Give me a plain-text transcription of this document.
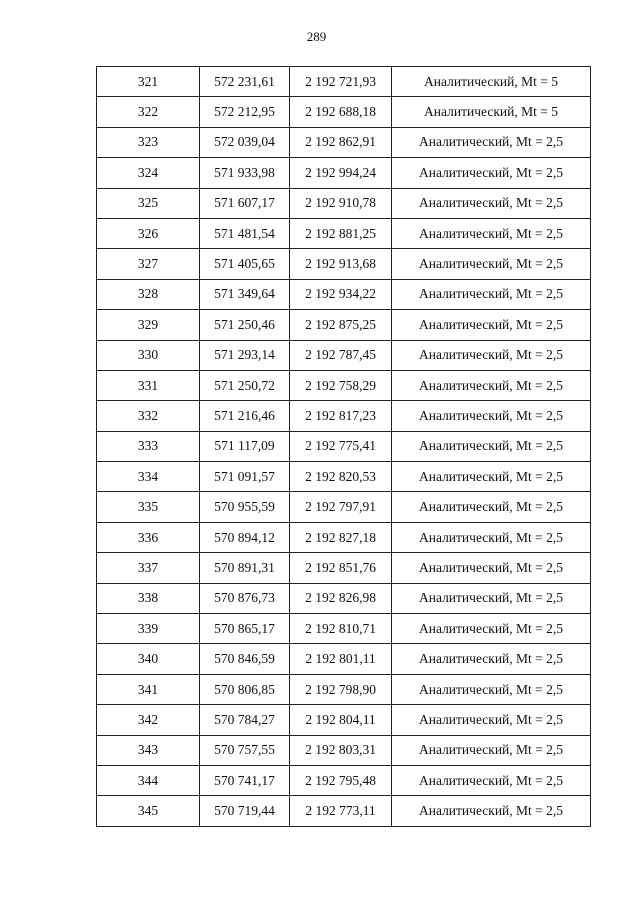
289
321	572 231,61	2 192 721,93	Аналитический, Mt = 5
322	572 212,95	2 192 688,18	Аналитический, Mt = 5
323	572 039,04	2 192 862,91	Аналитический, Mt = 2,5
324	571 933,98	2 192 994,24	Аналитический, Mt = 2,5
325	571 607,17	2 192 910,78	Аналитический, Mt = 2,5
326	571 481,54	2 192 881,25	Аналитический, Mt = 2,5
327	571 405,65	2 192 913,68	Аналитический, Mt = 2,5
328	571 349,64	2 192 934,22	Аналитический, Mt = 2,5
329	571 250,46	2 192 875,25	Аналитический, Mt = 2,5
330	571 293,14	2 192 787,45	Аналитический, Mt = 2,5
331	571 250,72	2 192 758,29	Аналитический, Mt = 2,5
332	571 216,46	2 192 817,23	Аналитический, Mt = 2,5
333	571 117,09	2 192 775,41	Аналитический, Mt = 2,5
334	571 091,57	2 192 820,53	Аналитический, Mt = 2,5
335	570 955,59	2 192 797,91	Аналитический, Mt = 2,5
336	570 894,12	2 192 827,18	Аналитический, Mt = 2,5
337	570 891,31	2 192 851,76	Аналитический, Mt = 2,5
338	570 876,73	2 192 826,98	Аналитический, Mt = 2,5
339	570 865,17	2 192 810,71	Аналитический, Mt = 2,5
340	570 846,59	2 192 801,11	Аналитический, Mt = 2,5
341	570 806,85	2 192 798,90	Аналитический, Mt = 2,5
342	570 784,27	2 192 804,11	Аналитический, Mt = 2,5
343	570 757,55	2 192 803,31	Аналитический, Mt = 2,5
344	570 741,17	2 192 795,48	Аналитический, Mt = 2,5
345	570 719,44	2 192 773,11	Аналитический, Mt = 2,5
